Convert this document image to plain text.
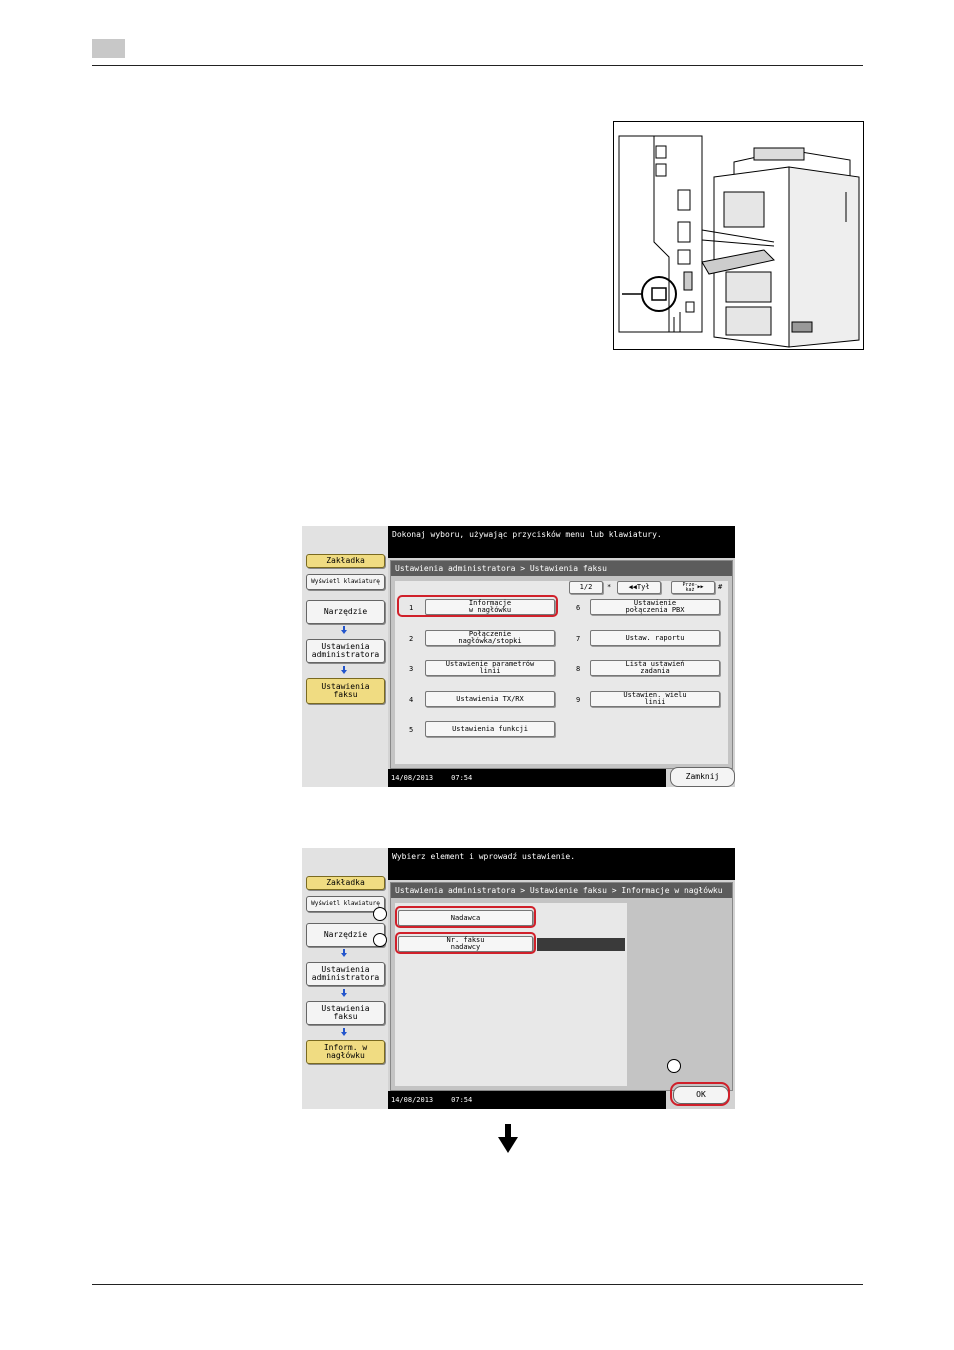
Zakładka
Wyświetl klawiaturę
Narzędzie
Ustawienia administratora
Ustawienia faksu
Dokonaj wyboru, używając przycisków menu lub klawiatury.
Ustawienia administratora > Ustawienia faksu
1/2	* ◀◀ Tył	Prze-
każ ▶▶ #
1
Informacje
w nagłówku
2
Połączenie
nagłówka/stopki
3
Ustawienie parametrów
linii
4	Ustawienia TX/RX
5	Ustawienia funkcji
6
Ustawienie
połączenia PBX
7	Ustaw. raportu
8
Lista ustawień
zadania
9
Ustawien. wielu
linii
14/08/2013	07:54	Zamknij
Zakładka
Wyświetl klawiaturę
Narzędzie
Ustawienia administratora
Ustawienia faksu
Inform. w nagłówku
Wybierz element i wprowadź ustawienie.
Ustawienia administratora > Ustawienie faksu > Informacje w nagłówku
Nadawca
Nr. faksu
nadawcy
14/08/2013	07:54
OK
